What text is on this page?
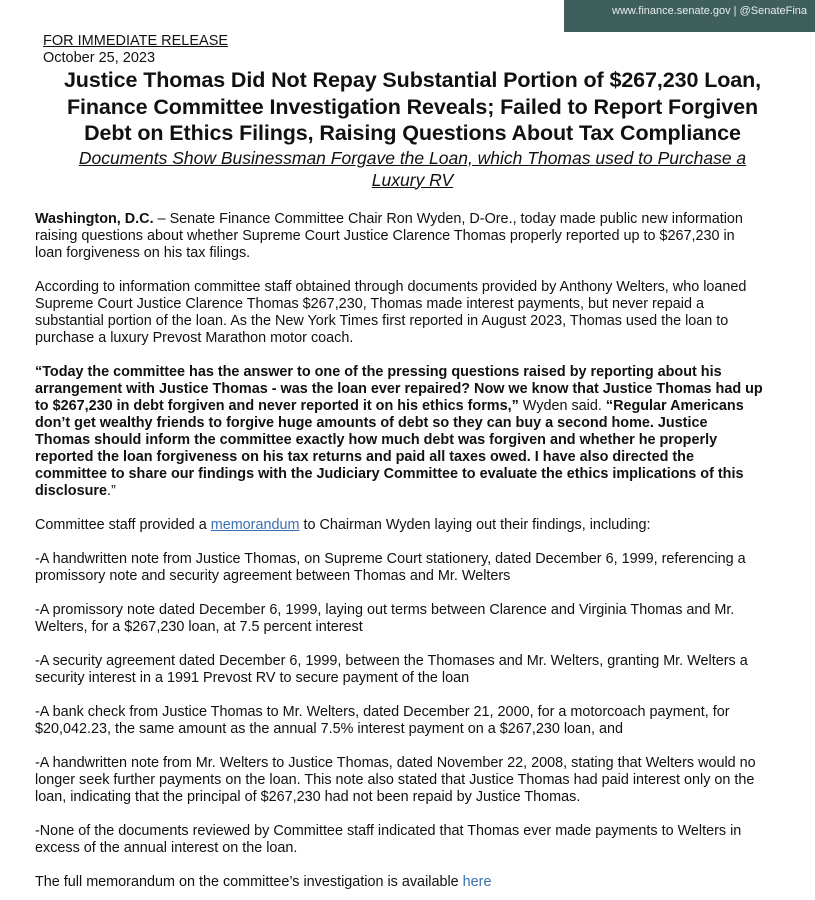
www.finance.senate.gov | @SenateFina
FOR IMMEDIATE RELEASE
October 25, 2023
Justice Thomas Did Not Repay Substantial Portion of $267,230 Loan,
Finance Committee Investigation Reveals; Failed to Report Forgiven
Debt on Ethics Filings, Raising Questions About Tax Compliance
Documents Show Businessman Forgave the Loan, which Thomas used to Purchase a
Luxury RV

Washington, D.C. – Senate Finance Committee Chair Ron Wyden, D-Ore., today made public new information
raising questions about whether Supreme Court Justice Clarence Thomas properly reported up to $267,230 in
loan forgiveness on his tax filings.

According to information committee staff obtained through documents provided by Anthony Welters, who loaned
Supreme Court Justice Clarence Thomas $267,230, Thomas made interest payments, but never repaid a
substantial portion of the loan. As the New York Times first reported in August 2023, Thomas used the loan to
purchase a luxury Prevost Marathon motor coach.

“Today the committee has the answer to one of the pressing questions raised by reporting about his
arrangement with Justice Thomas - was the loan ever repaired? Now we know that Justice Thomas had up
to $267,230 in debt forgiven and never reported it on his ethics forms,” Wyden said. “Regular Americans
don’t get wealthy friends to forgive huge amounts of debt so they can buy a second home. Justice
Thomas should inform the committee exactly how much debt was forgiven and whether he properly
reported the loan forgiveness on his tax returns and paid all taxes owed. I have also directed the
committee to share our findings with the Judiciary Committee to evaluate the ethics implications of this
disclosure.”

Committee staff provided a memorandum to Chairman Wyden laying out their findings, including:

-A handwritten note from Justice Thomas, on Supreme Court stationery, dated December 6, 1999, referencing a
promissory note and security agreement between Thomas and Mr. Welters

-A promissory note dated December 6, 1999, laying out terms between Clarence and Virginia Thomas and Mr.
Welters, for a $267,230 loan, at 7.5 percent interest

-A security agreement dated December 6, 1999, between the Thomases and Mr. Welters, granting Mr. Welters a
security interest in a 1991 Prevost RV to secure payment of the loan

-A bank check from Justice Thomas to Mr. Welters, dated December 21, 2000, for a motorcoach payment, for
$20,042.23, the same amount as the annual 7.5% interest payment on a $267,230 loan, and

-A handwritten note from Mr. Welters to Justice Thomas, dated November 22, 2008, stating that Welters would no
longer seek further payments on the loan. This note also stated that Justice Thomas had paid interest only on the
loan, indicating that the principal of $267,230 had not been repaid by Justice Thomas.

-None of the documents reviewed by Committee staff indicated that Thomas ever made payments to Welters in
excess of the annual interest on the loan.

The full memorandum on the committee’s investigation is available here
